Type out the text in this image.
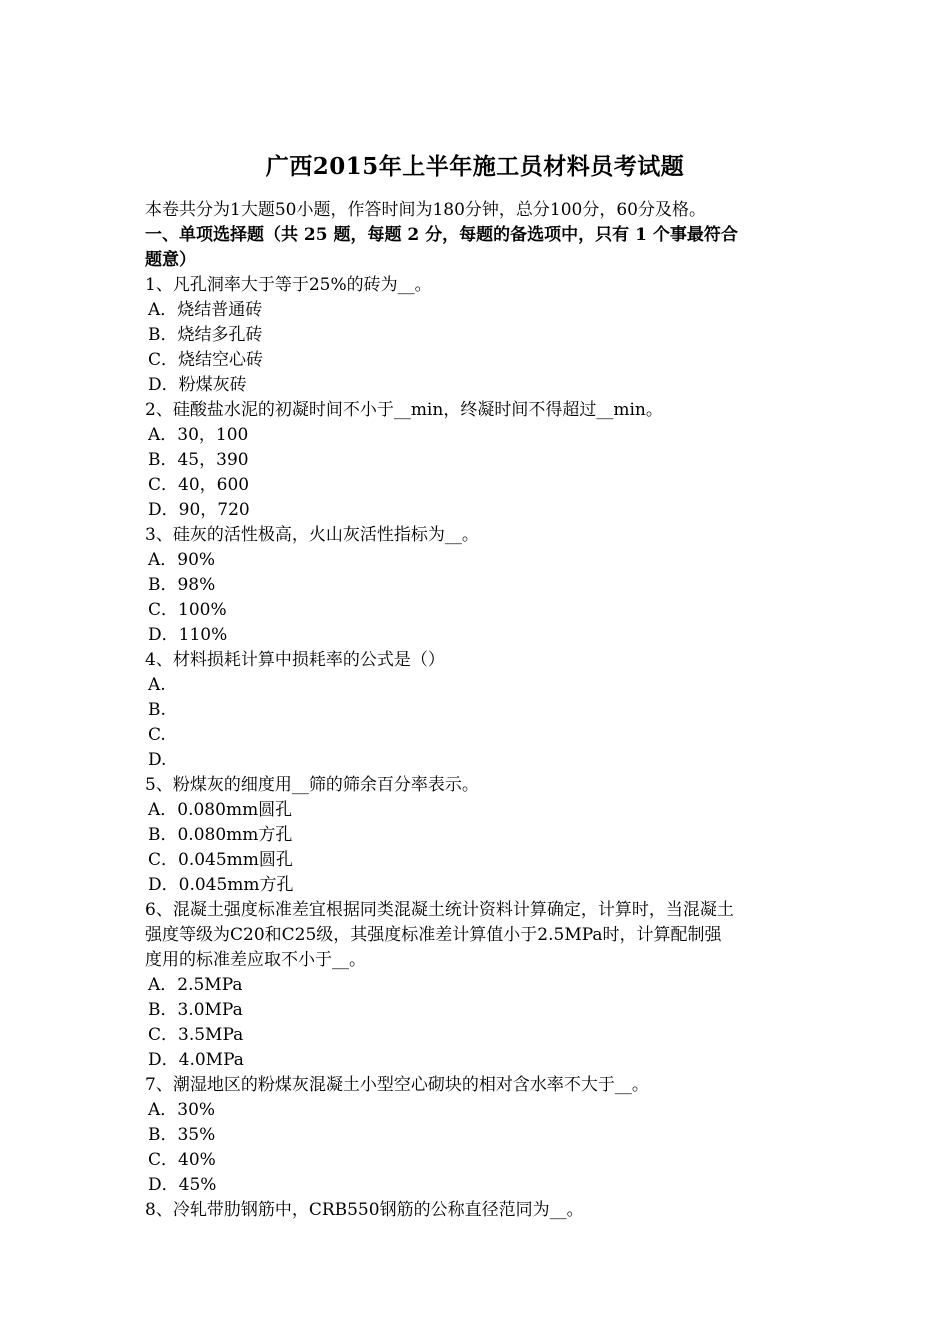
广西2015年上半年施工员材料员考试题
本卷共分为1大题50小题，作答时间为180分钟，总分100分，60分及格。
一、单项选择题（共 25 题，每题 2 分，每题的备选项中，只有 1 个事最符合
题意）
1、凡孔洞率大于等于25%的砖为__。
A．烧结普通砖
B．烧结多孔砖
C．烧结空心砖
D．粉煤灰砖
2、硅酸盐水泥的初凝时间不小于__min，终凝时间不得超过__min。
A．30，100
B．45，390
C．40，600
D．90，720
3、硅灰的活性极高，火山灰活性指标为__。
A．90%
B．98%
C．100%
D．110%
4、材料损耗计算中损耗率的公式是（）
A.
B.
C.
D.
5、粉煤灰的细度用__筛的筛余百分率表示。
A．0.080mm圆孔
B．0.080mm方孔
C．0.045mm圆孔
D．0.045mm方孔
6、混凝土强度标准差宜根据同类混凝土统计资料计算确定，计算时，当混凝土
强度等级为C20和C25级，其强度标准差计算值小于2.5MPa时，计算配制强
度用的标准差应取不小于__。
A．2.5MPa
B．3.0MPa
C．3.5MPa
D．4.0MPa
7、潮湿地区的粉煤灰混凝土小型空心砌块的相对含水率不大于__。
A．30%
B．35%
C．40%
D．45%
8、冷轧带肋钢筋中，CRB550钢筋的公称直径范同为__。
